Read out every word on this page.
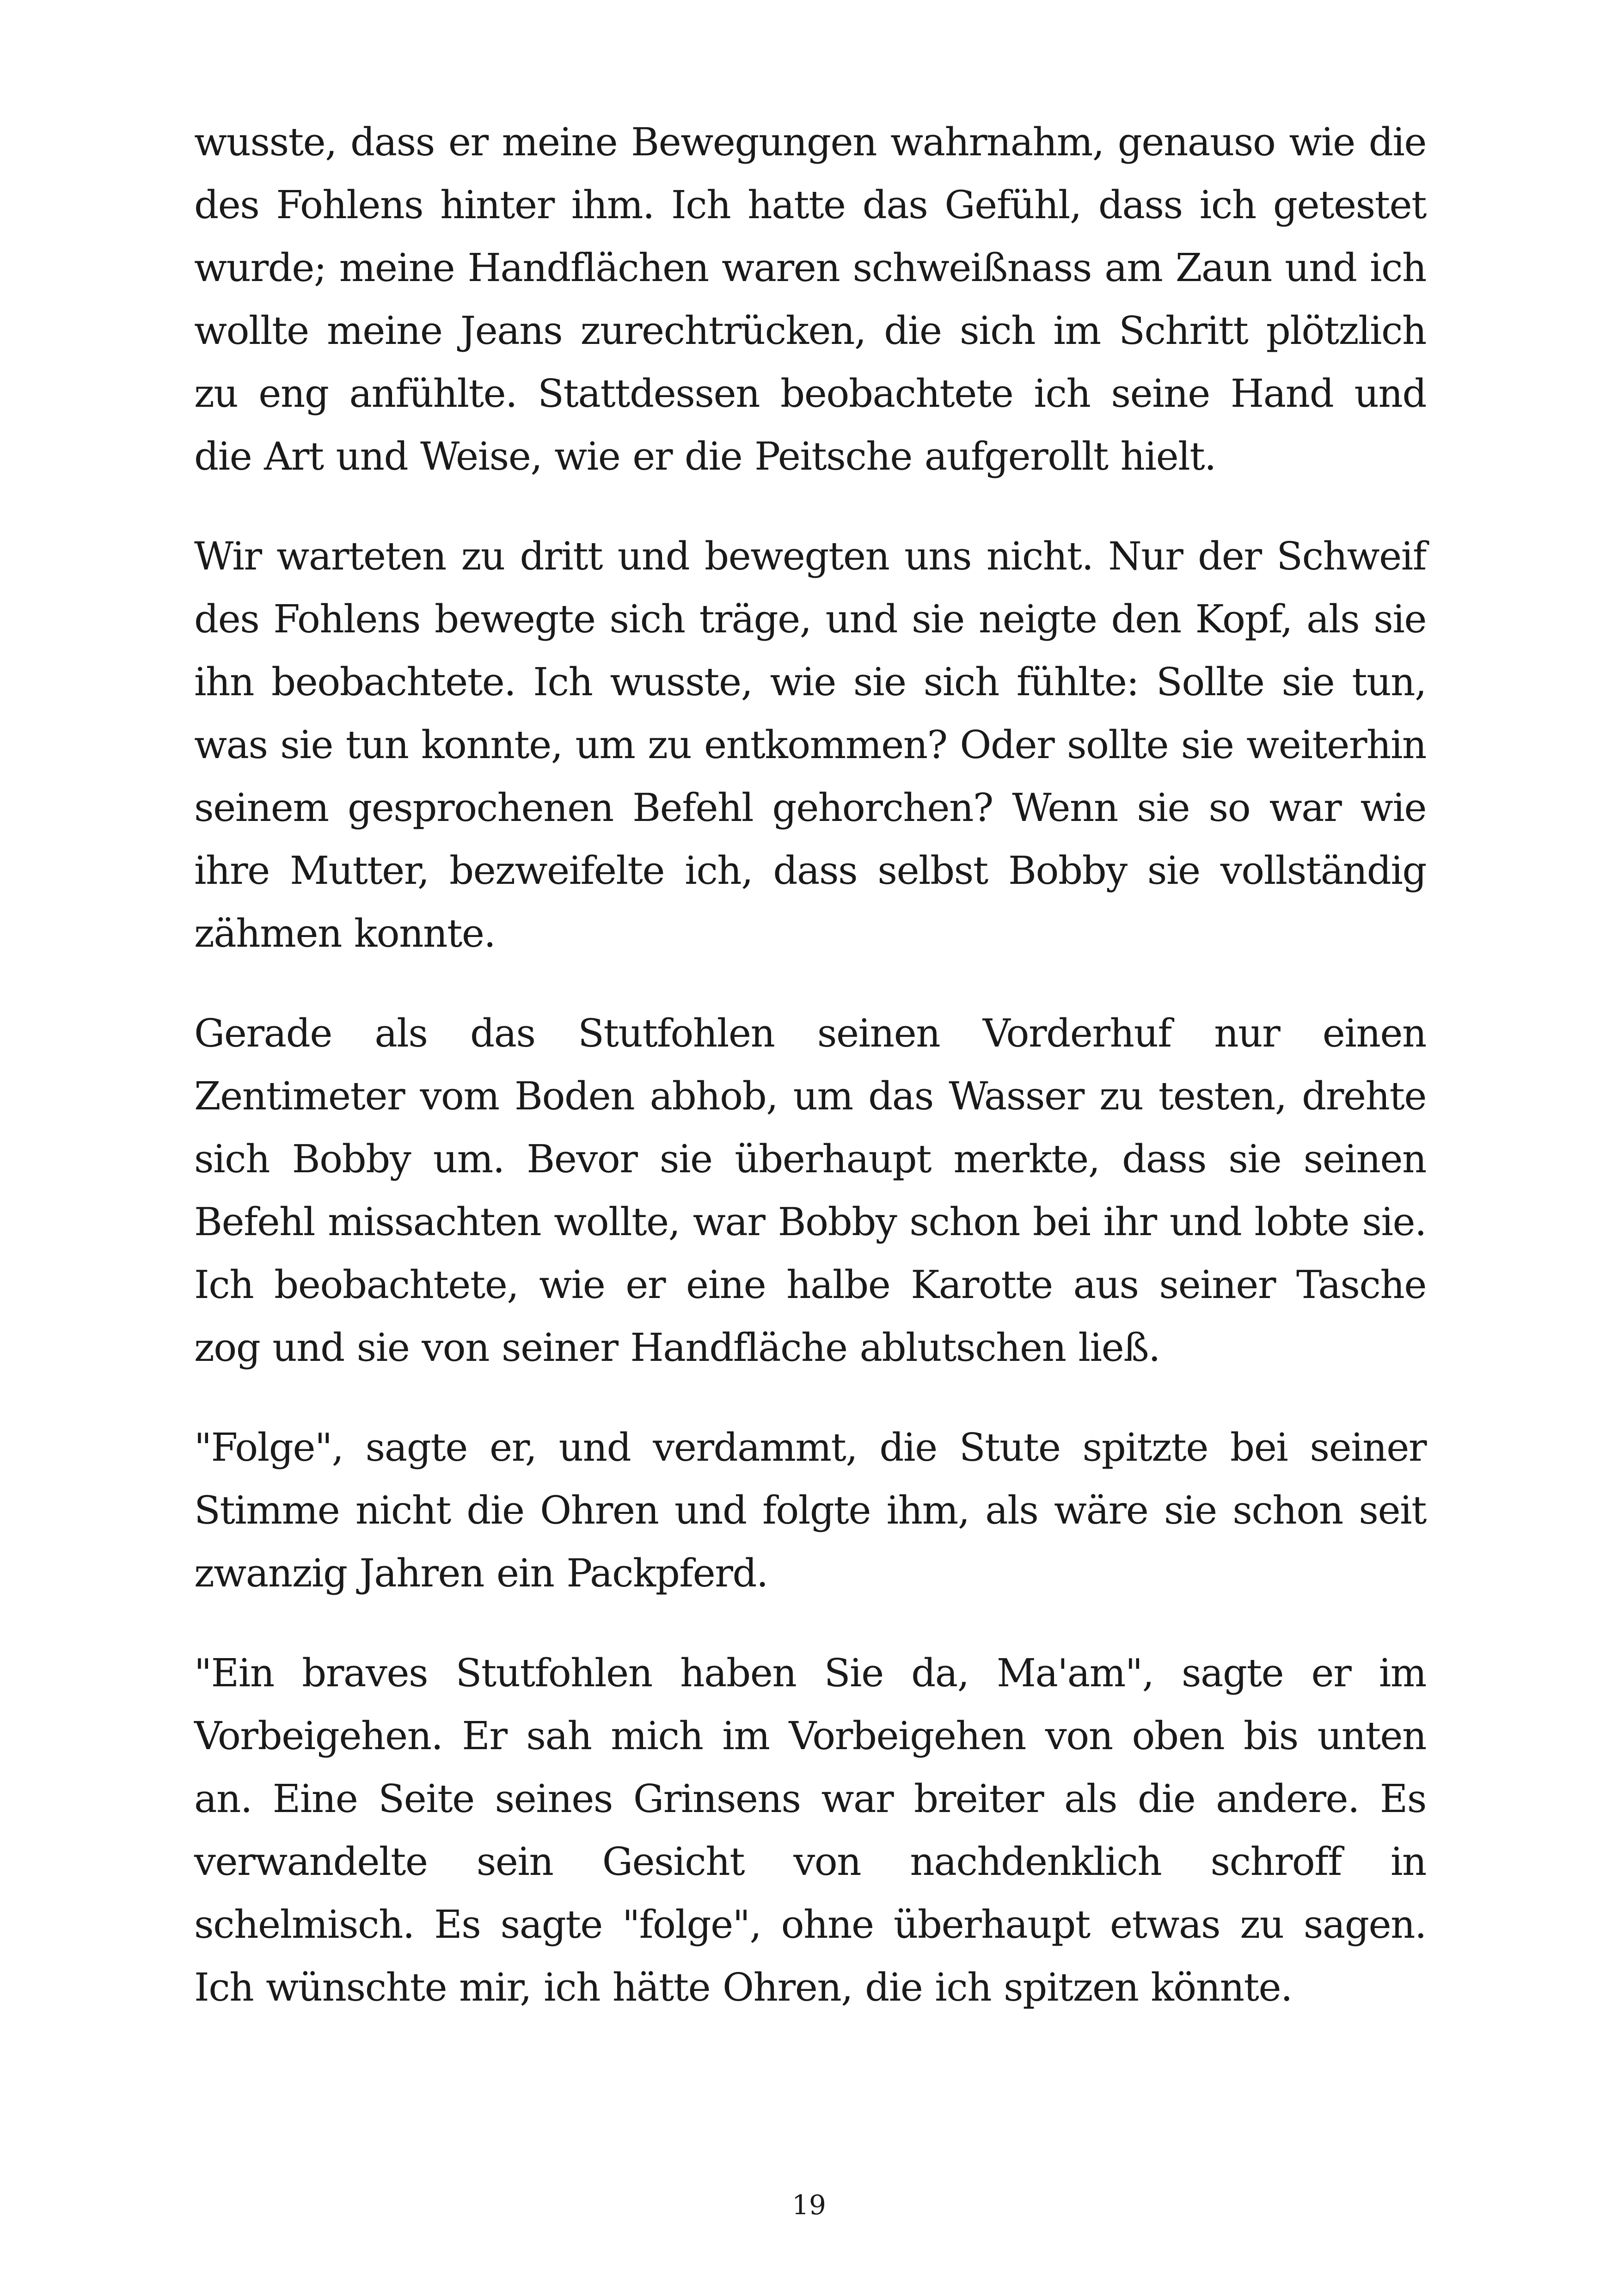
wusste, dass er meine Bewegungen wahrnahm, genauso wie die des Fohlens hinter ihm. Ich hatte das Gefühl, dass ich getestet wurde; meine Handflächen waren schweißnass am Zaun und ich wollte meine Jeans zurechtrücken, die sich im Schritt plötzlich zu eng anfühlte. Stattdessen beobachtete ich seine Hand und die Art und Weise, wie er die Peitsche aufgerollt hielt.

Wir warteten zu dritt und bewegten uns nicht. Nur der Schweif des Fohlens bewegte sich träge, und sie neigte den Kopf, als sie ihn beobachtete. Ich wusste, wie sie sich fühlte: Sollte sie tun, was sie tun konnte, um zu entkommen? Oder sollte sie weiterhin seinem gesprochenen Befehl gehorchen? Wenn sie so war wie ihre Mutter, bezweifelte ich, dass selbst Bobby sie vollständig zähmen konnte.

Gerade als das Stutfohlen seinen Vorderhuf nur einen Zentimeter vom Boden abhob, um das Wasser zu testen, drehte sich Bobby um. Bevor sie überhaupt merkte, dass sie seinen Befehl missachten wollte, war Bobby schon bei ihr und lobte sie. Ich beobachtete, wie er eine halbe Karotte aus seiner Tasche zog und sie von seiner Handfläche ablutschen ließ.

"Folge", sagte er, und verdammt, die Stute spitzte bei seiner Stimme nicht die Ohren und folgte ihm, als wäre sie schon seit zwanzig Jahren ein Packpferd.

"Ein braves Stutfohlen haben Sie da, Ma'am", sagte er im Vorbeigehen. Er sah mich im Vorbeigehen von oben bis unten an. Eine Seite seines Grinsens war breiter als die andere. Es verwandelte sein Gesicht von nachdenklich schroff in schelmisch. Es sagte "folge", ohne überhaupt etwas zu sagen. Ich wünschte mir, ich hätte Ohren, die ich spitzen könnte.

19
